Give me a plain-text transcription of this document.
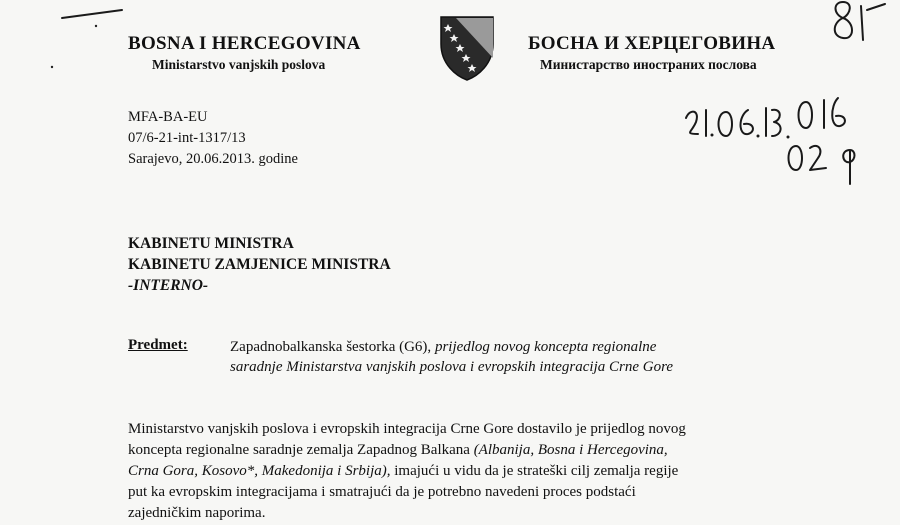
BOSNA I HERCEGOVINA
Ministarstvo vanjskih poslova
БОСНА И ХЕРЦЕГОВИНА
Министарство иностраних послова
MFA-BA-EU
07/6-21-int-1317/13
Sarajevo, 20.06.2013. godine
KABINETU MINISTRA
KABINETU ZAMJENICE MINISTRA
-INTERNO-
Predmet:	Zapadnobalkanska šestorka (G6), prijedlog novog koncepta regionalne
saradnje Ministarstva vanjskih poslova i evropskih integracija Crne Gore
Ministarstvo vanjskih poslova i evropskih integracija Crne Gore dostavilo je prijedlog novog
koncepta regionalne saradnje zemalja Zapadnog Balkana (Albanija, Bosna i Hercegovina,
Crna Gora, Kosovo*, Makedonija i Srbija), imajući u vidu da je strateški cilj zemalja regije
put ka evropskim integracijama i smatrajući da je potrebno navedeni proces podstaći
zajedničkim naporima.
